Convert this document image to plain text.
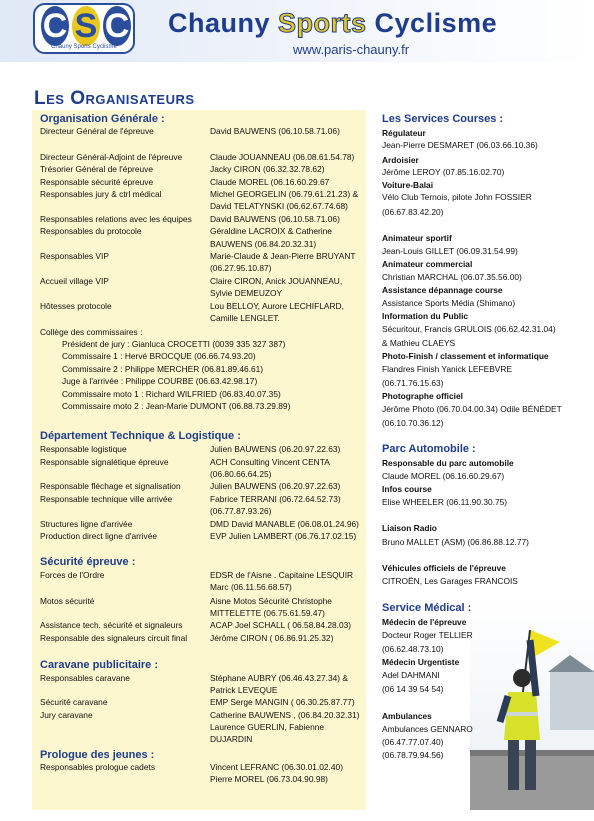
C S C
Chauny Sports Cyclisme
Chauny Sports Cyclisme
www.paris-chauny.fr
Les Organisateurs
Organisation Générale :
Directeur Général de l'épreuve	David BAUWENS (06.10.58.71.06)
Directeur Général-Adjoint de l'épreuve	Claude JOUANNEAU (06.08.61.54.78)
Trésorier Général de l'épreuve	Jacky CIRON (06.32.32.78.62)
Responsable sécurité épreuve	Claude MOREL (06.16.60.29.67
Responsables jury & ctrl médical	Michel GEORGELIN (06.79.61.21.23) &
David TELATYNSKI (06.62.67.74.68)
Responsables relations avec les équipes David BAUWENS (06.10.58.71.06)
Responsables du protocole	Géraldine LACROIX & Catherine
BAUWENS (06.84.20.32.31)
Responsables VIP	Marie-Claude & Jean-Pierre BRUYANT
(06.27.95.10.87)
Accueil village VIP	Claire CIRON, Anick JOUANNEAU,
Sylvie DEMEUZOY
Hôtesses protocole	Lou BELLOY, Aurore LECHIFLARD,
Camille LENGLET.
Collège des commissaires :
Président de jury : Gianluca CROCETTI (0039 335 327 387)
Commissaire 1 : Hervé BROCQUE (06.66.74.93.20)
Commissaire 2 : Philippe MERCHER (06.81.89.46.61)
Juge à l'arrivée : Philippe COURBE (06.63.42.98.17)
Commissaire moto 1 : Richard WILFRIED (06.83.40.07.35)
Commissaire moto 2 : Jean-Marie DUMONT (06.88.73.29.89)
Département Technique & Logistique :
Responsable logistique	Julien BAUWENS (06.20.97.22.63)
Responsable signalétique épreuve	ACH Consulting Vincent CENTA
(06.80.66.64.25)
Responsable fléchage et signalisation	Julien BAUWENS (06.20.97.22.63)
Responsable technique ville arrivée	Fabrice TERRANI (06.72.64.52.73)
(06.77.87.93.26)
Structures ligne d'arrivée	DMD David MANABLE (06.08.01.24.96)
Production direct ligne d'arrivée	EVP Julien LAMBERT (06.76.17.02.15)
Sécurité épreuve :
Forces de l'Ordre	EDSR de l'Aisne . Capitaine LESQUIR
Marc (06.11.56.68.57)
Motos sécurité	Aisne Motos Sécurité Christophe
MITTELETTE (06.75.61.59.47)
Assistance tech. sécurité et signaleurs	ACAP Joel SCHALL ( 06.58.84.28.03)
Responsable des signaleurs circuit final	Jérôme CIRON ( 06.86.91.25.32)
Caravane publicitaire :
Responsables caravane	Stéphane AUBRY (06.46.43.27.34) &
Patrick LEVEQUE
Sécurité caravane	EMP Serge MANGIN ( 06.30.25.87.77)
Jury caravane	Catherine BAUWENS , (06.84.20.32.31)
Laurence GUERLIN, Fabienne
DUJARDIN
Prologue des jeunes :
Responsables prologue cadets	Vincent LEFRANC (06.30.01.02.40)
Pierre MOREL (06.73.04.90.98)
Les Services Courses :
Régulateur
Jean-Pierre DESMARET (06.03.66.10.36)
Ardoisier
Jérôme LEROY (07.85.16.02.70)
Voiture-Balai
Vélo Club Ternois, pilote John FOSSIER
(06.67.83.42.20)
Animateur sportif
Jean-Louis GILLET (06.09.31.54.99)
Animateur commercial
Christian MARCHAL (06.07.35.56.00)
Assistance dépannage course
Assistance Sports Média (Shimano)
Information du Public
Sécuritour, Francis GRULOIS (06.62.42.31.04)
& Mathieu CLAEYS
Photo-Finish / classement et informatique
Flandres Finish Yanick LEFEBVRE
(06.71.76.15.63)
Photographe officiel
Jérôme Photo (06.70.04.00.34) Odile BÉNÉDET
(06.10.70.36.12)
Parc Automobile :
Responsable du parc automobile
Claude MOREL (06.16.60.29.67)
Infos course
Elise WHEELER (06.11.90.30.75)
Liaison Radio
Bruno MALLET (ASM) (06.86.88.12.77)
Véhicules officiels de l'épreuve
CITROËN, Les Garages FRANCOIS
Service Médical :
Médecin de l'épreuve
Docteur Roger TELLIER
(06.62.48.73.10)
Médecin Urgentiste
Adel DAHMANI
(06 14 39 54 54)
Ambulances
Ambulances GENNARO
(06.47.77.07.40)
(06.78.79.94.56)
